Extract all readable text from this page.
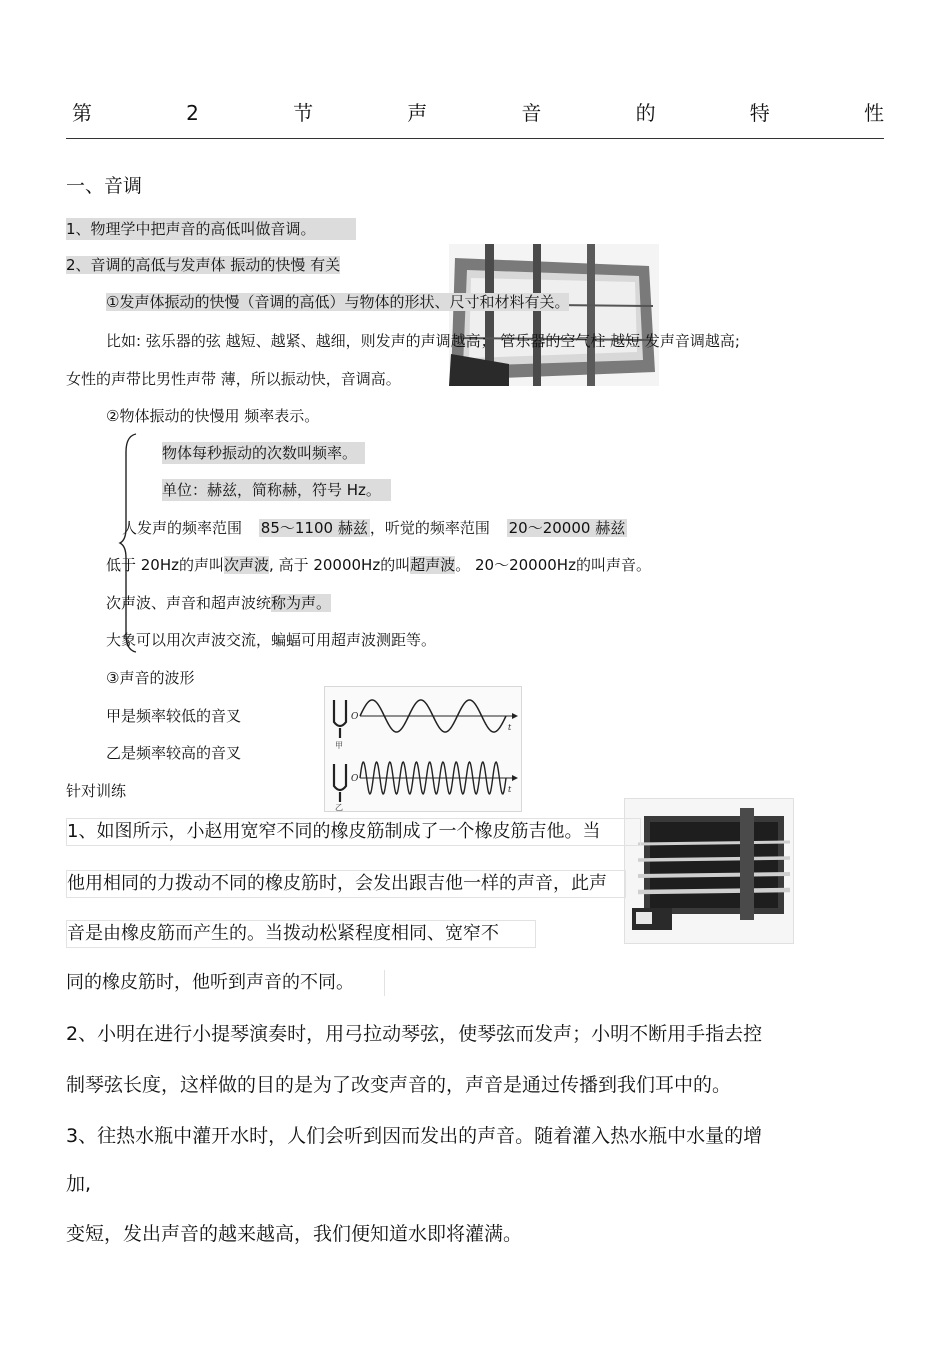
第	2	节	声	音	的	特	性
一、音调
1、物理学中把声音的高低叫做音调。
2、音调的高低与发声体 振动的快慢 有关
①发声体振动的快慢（音调的高低）与物体的形状、尺寸和材料有关。
比如: 弦乐器的弦 越短、越紧、越细，则发声的声调越高； 管乐器的空气柱 越短 发声音调越高;
女性的声带比男性声带 薄，所以振动快，音调高。
②物体振动的快慢用 频率表示。
物体每秒振动的次数叫频率。
单位：赫兹，简称赫，符号 Hz。
人发声的频率范围 85～1100 赫兹 ，听觉的频率范围 20～20000 赫兹
低于 20Hz的声叫次声波, 高于 20000Hz的叫超声波。 20～20000Hz的叫声音。
次声波、声音和超声波统称为声。
大象可以用次声波交流，蝙蝠可用超声波测距等。
③声音的波形
甲是频率较低的音叉
乙是频率较高的音叉
针对训练
甲
O
t
乙
O
t
1、如图所示，小赵用宽窄不同的橡皮筋制成了一个橡皮筋吉他。当
他用相同的力拨动不同的橡皮筋时，会发出跟吉他一样的声音，此声
音是由橡皮筋而产生的。当拨动松紧程度相同、宽窄不
同的橡皮筋时，他听到声音的不同。
2、小明在进行小提琴演奏时，用弓拉动琴弦，使琴弦而发声；小明不断用手指去控
制琴弦长度，这样做的目的是为了改变声音的，声音是通过传播到我们耳中的。
3、往热水瓶中灌开水时，人们会听到因而发出的声音。随着灌入热水瓶中水量的增
加,
变短，发出声音的越来越高，我们便知道水即将灌满。
